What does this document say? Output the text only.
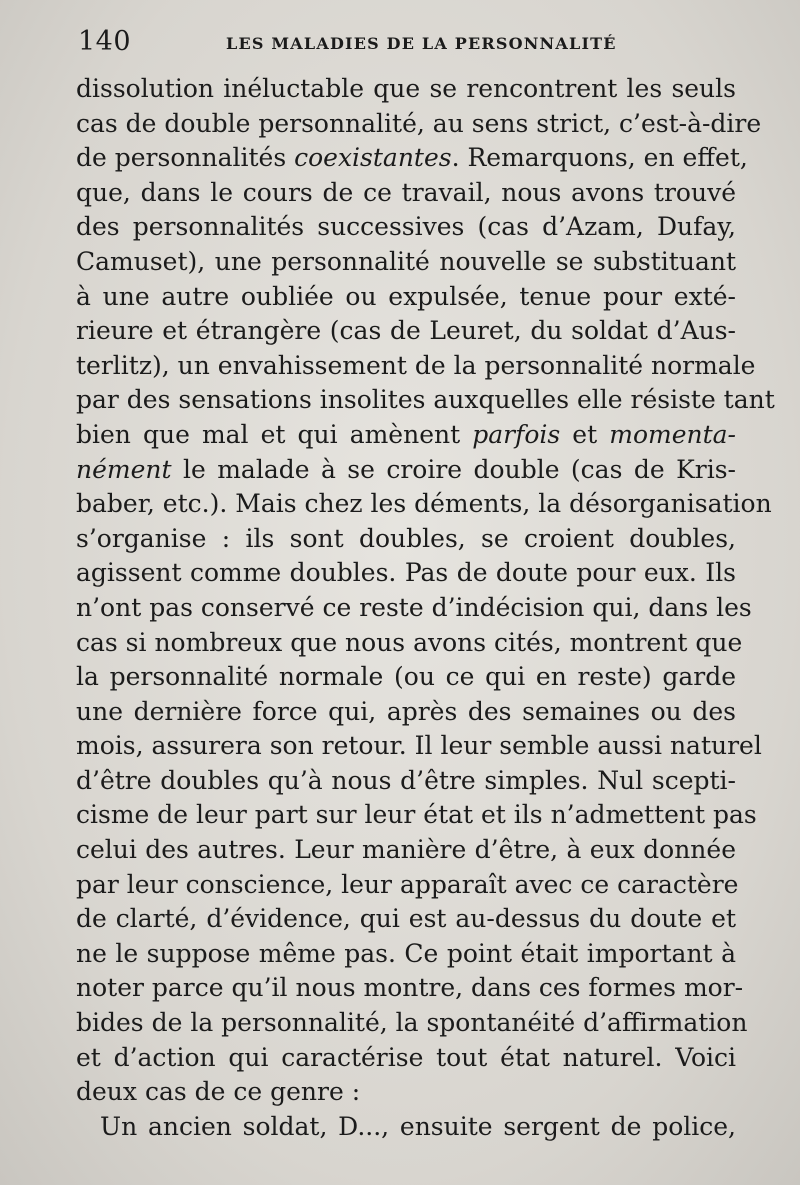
140	LES MALADIES DE LA PERSONNALITÉ
dissolution inéluctable que se rencontrent les seuls
cas de double personnalité, au sens strict, c’est-à-dire
de personnalités coexistantes. Remarquons, en effet,
que, dans le cours de ce travail, nous avons trouvé
des personnalités successives (cas d’Azam, Dufay,
Camuset), une personnalité nouvelle se substituant
à une autre oubliée ou expulsée, tenue pour exté-
rieure et étrangère (cas de Leuret, du soldat d’Aus-
terlitz), un envahissement de la personnalité normale
par des sensations insolites auxquelles elle résiste tant
bien que mal et qui amènent parfois et momenta-
nément le malade à se croire double (cas de Kris-
baber, etc.). Mais chez les déments, la désorganisation
s’organise : ils sont doubles, se croient doubles,
agissent comme doubles. Pas de doute pour eux. Ils
n’ont pas conservé ce reste d’indécision qui, dans les
cas si nombreux que nous avons cités, montrent que
la personnalité normale (ou ce qui en reste) garde
une dernière force qui, après des semaines ou des
mois, assurera son retour. Il leur semble aussi naturel
d’être doubles qu’à nous d’être simples. Nul scepti-
cisme de leur part sur leur état et ils n’admettent pas
celui des autres. Leur manière d’être, à eux donnée
par leur conscience, leur apparaît avec ce caractère
de clarté, d’évidence, qui est au-dessus du doute et
ne le suppose même pas. Ce point était important à
noter parce qu’il nous montre, dans ces formes mor-
bides de la personnalité, la spontanéité d’affirmation
et d’action qui caractérise tout état naturel. Voici
deux cas de ce genre :
Un ancien soldat, D..., ensuite sergent de police,
